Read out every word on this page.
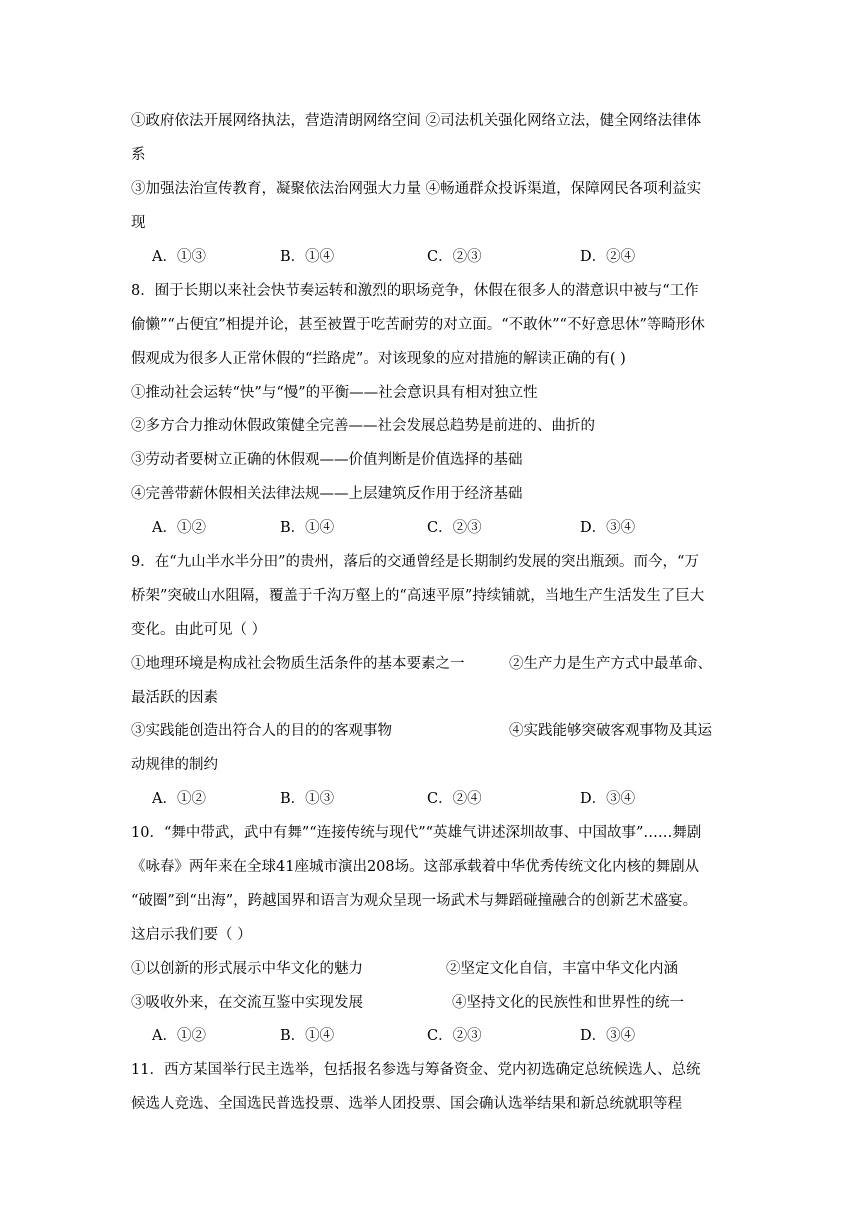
①政府依法开展网络执法，营造清朗网络空间 ②司法机关强化网络立法，健全网络法律体
系
③加强法治宣传教育，凝聚依法治网强大力量 ④畅通群众投诉渠道，保障网民各项利益实
现
A．①③	B．①④	C．②③	D．②④
8．囿于长期以来社会快节奏运转和激烈的职场竞争，休假在很多人的潜意识中被与“工作
偷懒”“占便宜”相提并论，甚至被置于吃苦耐劳的对立面。“不敢休”“不好意思休”等畸形休
假观成为很多人正常休假的“拦路虎”。对该现象的应对措施的解读正确的有( )
①推动社会运转“快”与“慢”的平衡——社会意识具有相对独立性
②多方合力推动休假政策健全完善——社会发展总趋势是前进的、曲折的
③劳动者要树立正确的休假观——价值判断是价值选择的基础
④完善带薪休假相关法律法规——上层建筑反作用于经济基础
A．①②	B．①④	C．②③	D．③④
9．在“九山半水半分田”的贵州，落后的交通曾经是长期制约发展的突出瓶颈。而今，“万
桥架”突破山水阻隔，覆盖于千沟万壑上的“高速平原”持续铺就，当地生产生活发生了巨大
变化。由此可见（ ）
①地理环境是构成社会物质生活条件的基本要素之一	②生产力是生产方式中最革命、
最活跃的因素
③实践能创造出符合人的目的的客观事物	④实践能够突破客观事物及其运
动规律的制约
A．①②	B．①③	C．②④	D．③④
10．“舞中带武，武中有舞”“连接传统与现代”“英雄气讲述深圳故事、中国故事”……舞剧
《咏春》两年来在全球41座城市演出208场。这部承载着中华优秀传统文化内核的舞剧从
“破圈”到“出海”，跨越国界和语言为观众呈现一场武术与舞蹈碰撞融合的创新艺术盛宴。
这启示我们要（ ）
①以创新的形式展示中华文化的魅力	②坚定文化自信，丰富中华文化内涵
③吸收外来，在交流互鉴中实现发展	④坚持文化的民族性和世界性的统一
A．①②	B．①④	C．②③	D．③④
11．西方某国举行民主选举，包括报名参选与筹备资金、党内初选确定总统候选人、总统
候选人竞选、全国选民普选投票、选举人团投票、国会确认选举结果和新总统就职等程
